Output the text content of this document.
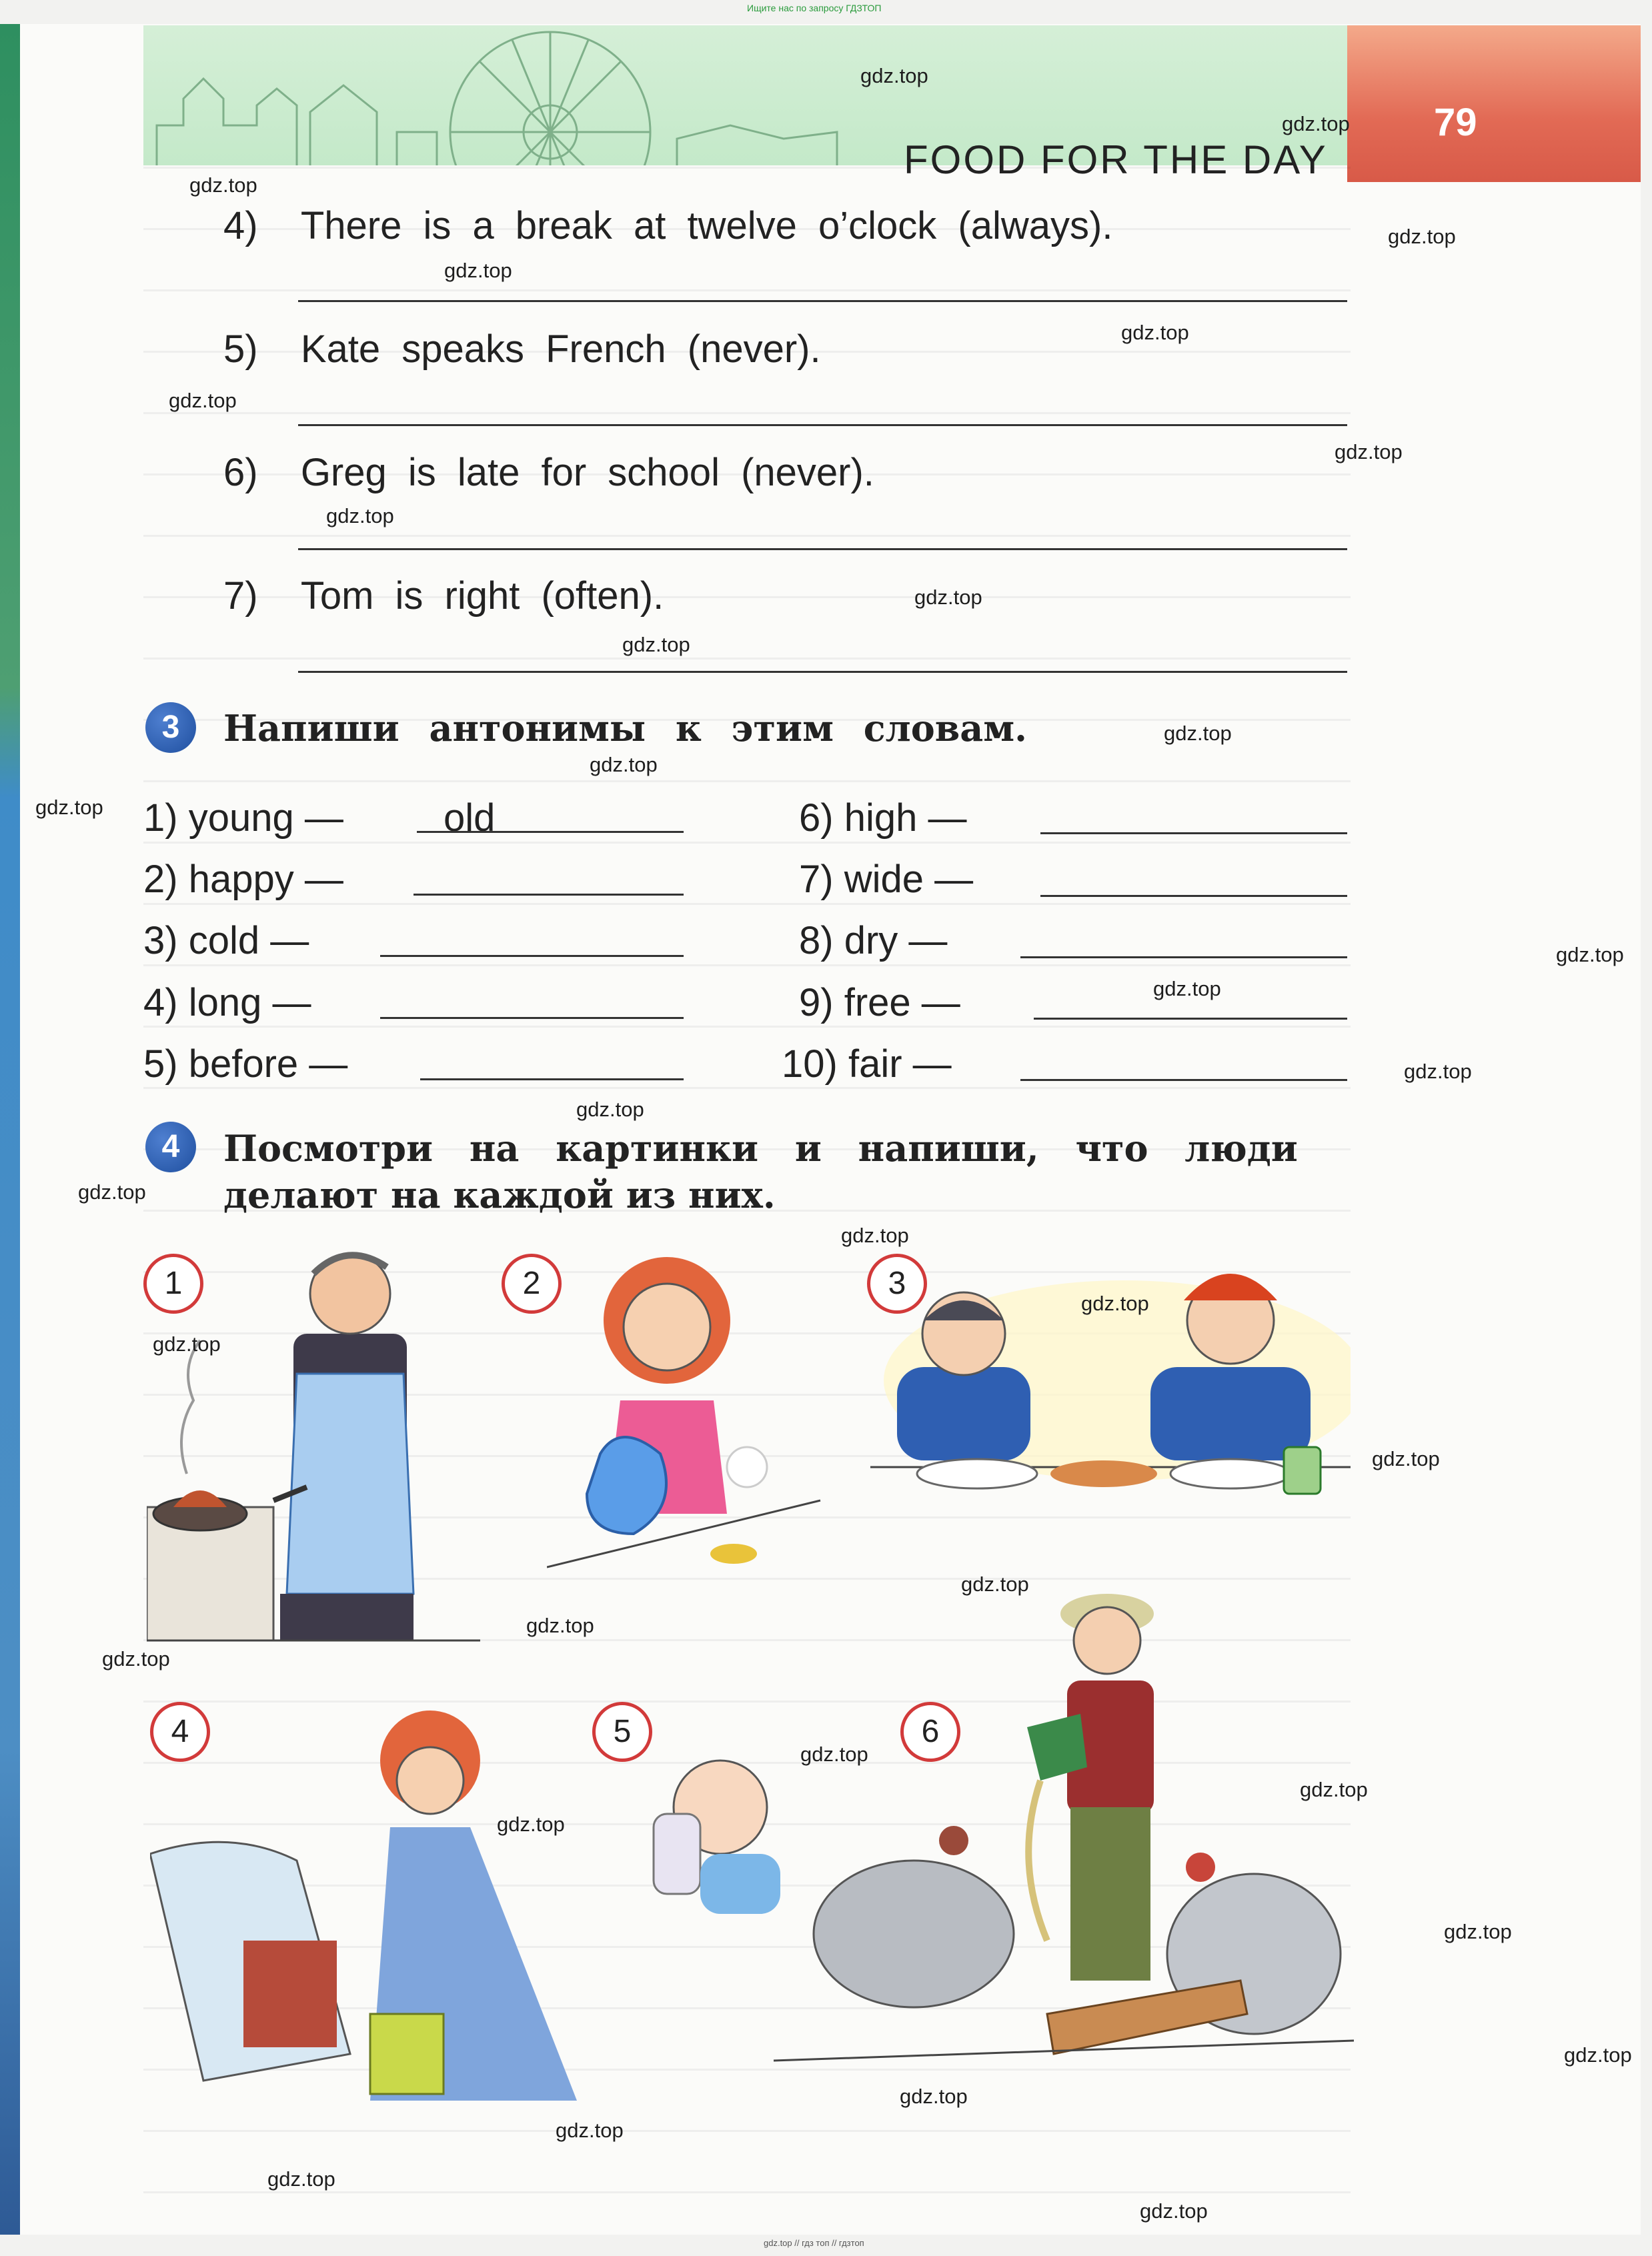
Ищите нас по запросу ГДЗТОП
79
FOOD FOR THE DAY
4) There is a break at twelve o’clock (always).
5) Kate speaks French (never).
6) Greg is late for school (never).
7) Tom is right (often).
3	Напиши антонимы к этим словам.
1) young —	old
2) happy —
3) cold —
4) long —
5) before —
6) high —
7) wide —
8) dry —
9) free —
10) fair —
4	Посмотри на картинки и напиши, что люди
делают на каждой из них.
1	2	3
4	5	6
gdz.top
gdz.top
gdz.top
gdz.top
gdz.top
gdz.top
gdz.top
gdz.top
gdz.top
gdz.top
gdz.top
gdz.top
gdz.top
gdz.top
gdz.top
gdz.top
gdz.top
gdz.top
gdz.top
gdz.top
gdz.top
gdz.top
gdz.top
gdz.top
gdz.top
gdz.top
gdz.top
gdz.top
gdz.top
gdz.top
gdz.top
gdz.top
gdz.top
gdz.top
gdz.top
gdz.top // гдз топ // гдзтоп
